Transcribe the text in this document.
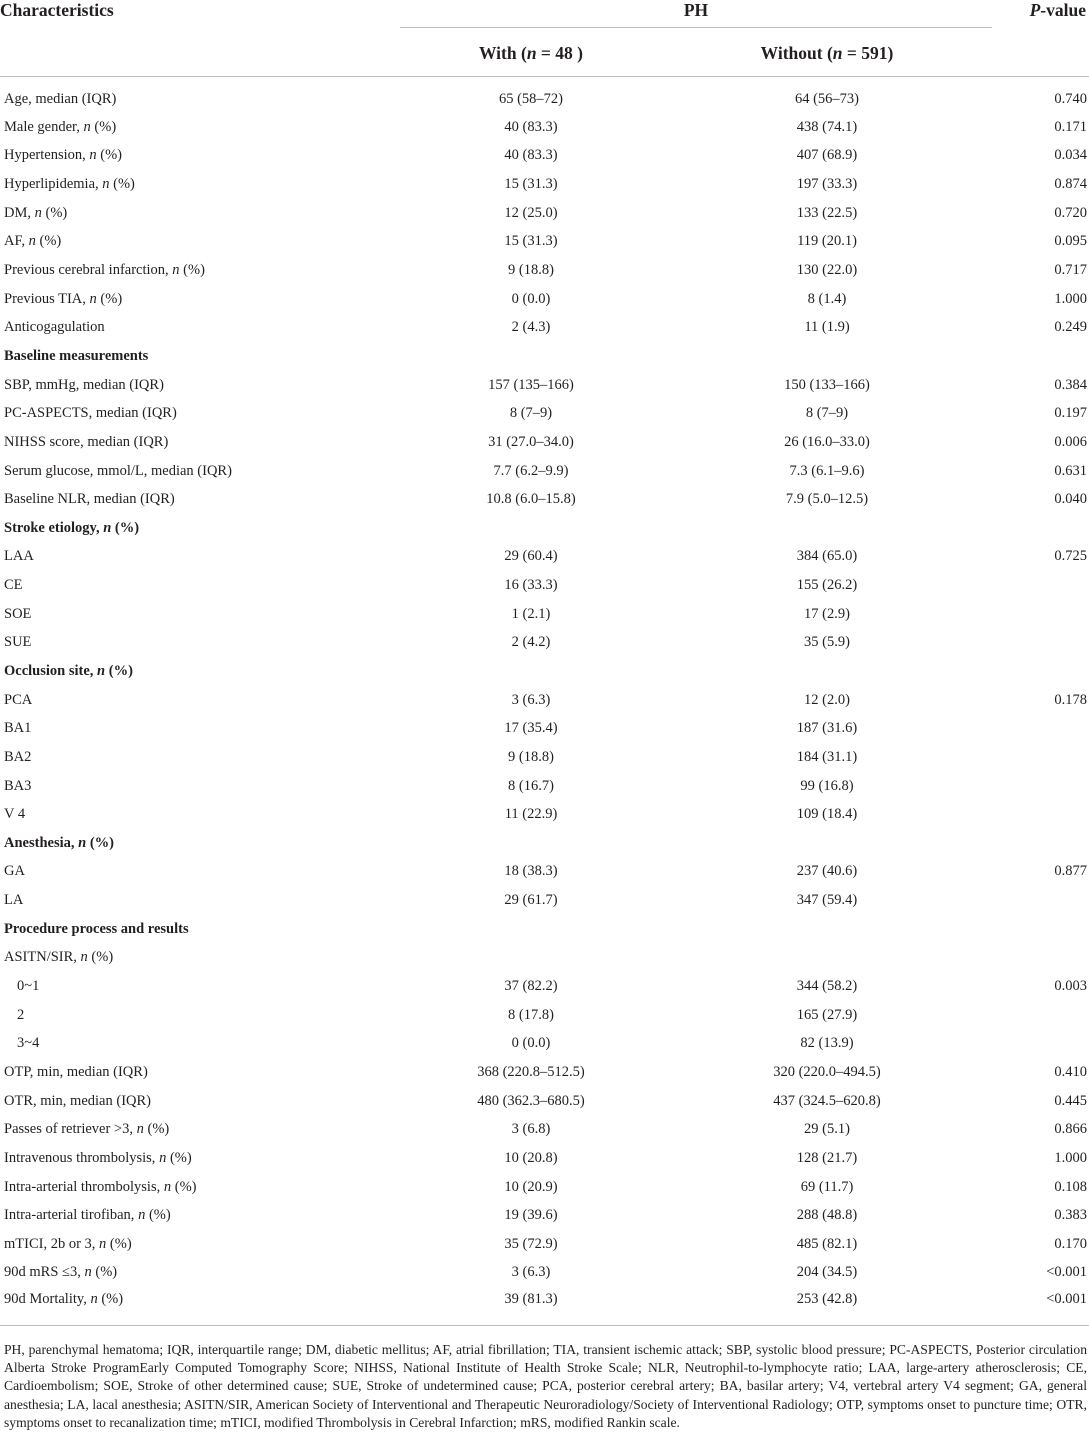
Characteristics	PH		P-value
	With (n = 48 )	Without (n = 591)	

Age, median (IQR)	65 (58–72)	64 (56–73)	0.740
Male gender, n (%)	40 (83.3)	438 (74.1)	0.171
Hypertension, n (%)	40 (83.3)	407 (68.9)	0.034
Hyperlipidemia, n (%)	15 (31.3)	197 (33.3)	0.874
DM, n (%)	12 (25.0)	133 (22.5)	0.720
AF, n (%)	15 (31.3)	119 (20.1)	0.095
Previous cerebral infarction, n (%)	9 (18.8)	130 (22.0)	0.717
Previous TIA, n (%)	0 (0.0)	8 (1.4)	1.000
Anticogagulation	2 (4.3)	11 (1.9)	0.249
Baseline measurements			
SBP, mmHg, median (IQR)	157 (135–166)	150 (133–166)	0.384
PC-ASPECTS, median (IQR)	8 (7–9)	8 (7–9)	0.197
NIHSS score, median (IQR)	31 (27.0–34.0)	26 (16.0–33.0)	0.006
Serum glucose, mmol/L, median (IQR)	7.7 (6.2–9.9)	7.3 (6.1–9.6)	0.631
Baseline NLR, median (IQR)	10.8 (6.0–15.8)	7.9 (5.0–12.5)	0.040
Stroke etiology, n (%)			
LAA	29 (60.4)	384 (65.0)	0.725
CE	16 (33.3)	155 (26.2)	
SOE	1 (2.1)	17 (2.9)	
SUE	2 (4.2)	35 (5.9)	
Occlusion site, n (%)			
PCA	3 (6.3)	12 (2.0)	0.178
BA1	17 (35.4)	187 (31.6)	
BA2	9 (18.8)	184 (31.1)	
BA3	8 (16.7)	99 (16.8)	
V 4	11 (22.9)	109 (18.4)	
Anesthesia, n (%)			
GA	18 (38.3)	237 (40.6)	0.877
LA	29 (61.7)	347 (59.4)	
Procedure process and results			
ASITN/SIR, n (%)			
0~1	37 (82.2)	344 (58.2)	0.003
2	8 (17.8)	165 (27.9)	
3~4	0 (0.0)	82 (13.9)	
OTP, min, median (IQR)	368 (220.8–512.5)	320 (220.0–494.5)	0.410
OTR, min, median (IQR)	480 (362.3–680.5)	437 (324.5–620.8)	0.445
Passes of retriever >3, n (%)	3 (6.8)	29 (5.1)	0.866
Intravenous thrombolysis, n (%)	10 (20.8)	128 (21.7)	1.000
Intra-arterial thrombolysis, n (%)	10 (20.9)	69 (11.7)	0.108
Intra-arterial tirofiban, n (%)	19 (39.6)	288 (48.8)	0.383
mTICI, 2b or 3, n (%)	35 (72.9)	485 (82.1)	0.170
90d mRS ≤3, n (%)	3 (6.3)	204 (34.5)	<0.001
90d Mortality, n (%)	39 (81.3)	253 (42.8)	<0.001
PH, parenchymal hematoma; IQR, interquartile range; DM, diabetic mellitus; AF, atrial fibrillation; TIA, transient ischemic attack; SBP, systolic blood pressure; PC-ASPECTS, Posterior circulation Alberta Stroke ProgramEarly Computed Tomography Score; NIHSS, National Institute of Health Stroke Scale; NLR, Neutrophil-to-lymphocyte ratio; LAA, large-artery atherosclerosis; CE, Cardioembolism; SOE, Stroke of other determined cause; SUE, Stroke of undetermined cause; PCA, posterior cerebral artery; BA, basilar artery; V4, vertebral artery V4 segment; GA, general anesthesia; LA, lacal anesthesia; ASITN/SIR, American Society of Interventional and Therapeutic Neuroradiology/Society of Interventional Radiology; OTP, symptoms onset to puncture time; OTR, symptoms onset to recanalization time; mTICI, modified Thrombolysis in Cerebral Infarction; mRS, modified Rankin scale.
